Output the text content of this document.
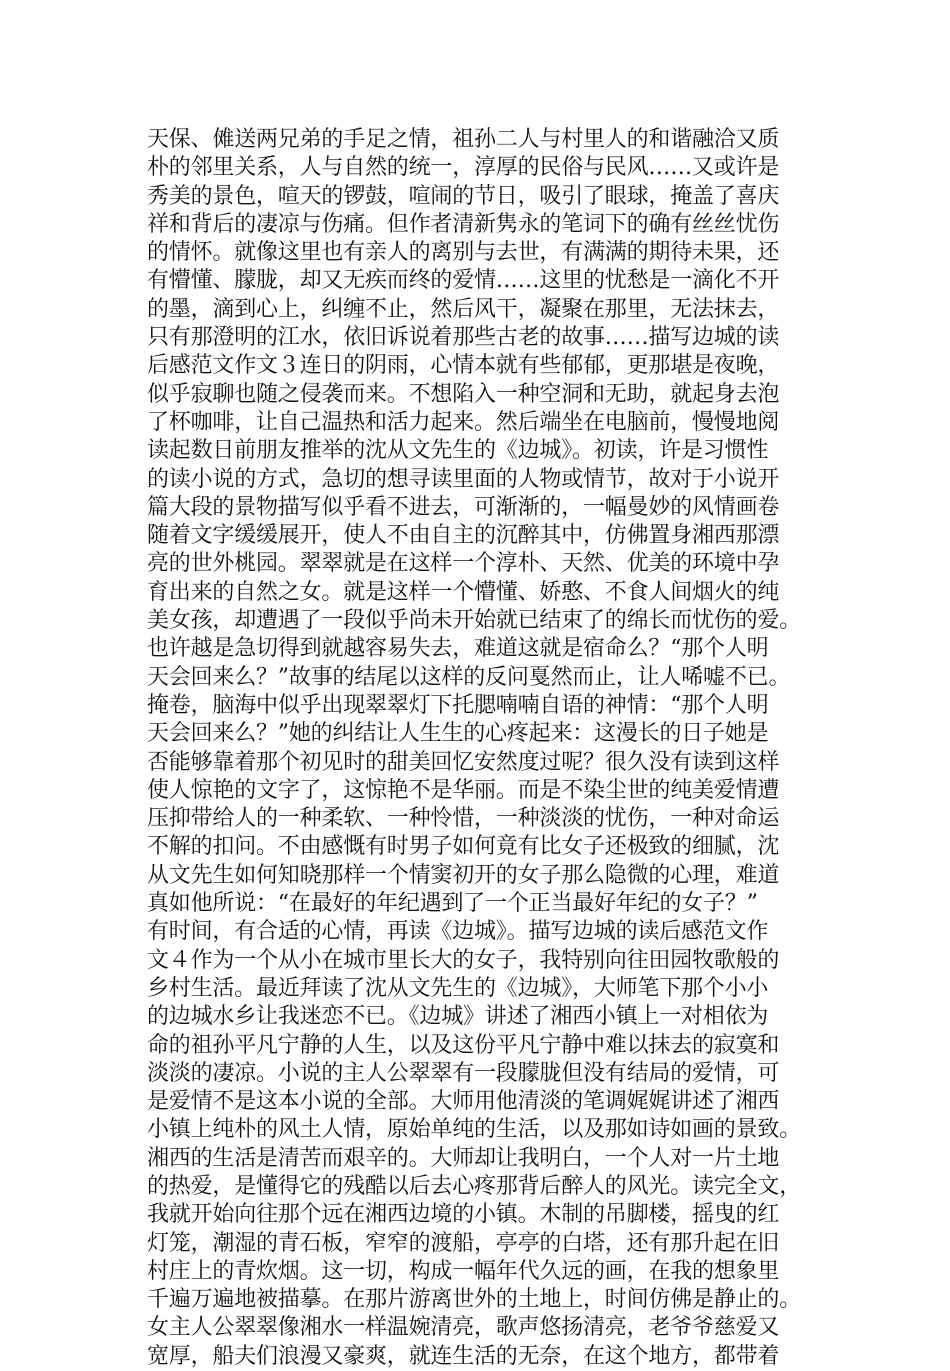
天保、傩送两兄弟的手足之情，祖孙二人与村里人的和谐融洽又质
朴的邻里关系，人与自然的统一，淳厚的民俗与民风……又或许是
秀美的景色，喧天的锣鼓，喧闹的节日，吸引了眼球，掩盖了喜庆
祥和背后的凄凉与伤痛。但作者清新隽永的笔词下的确有丝丝忧伤
的情怀。就像这里也有亲人的离别与去世，有满满的期待未果，还
有懵懂、朦胧，却又无疾而终的爱情……这里的忧愁是一滴化不开
的墨，滴到心上，纠缠不止，然后风干，凝聚在那里，无法抹去，
只有那澄明的江水，依旧诉说着那些古老的故事……描写边城的读
后感范文作文３连日的阴雨，心情本就有些郁郁，更那堪是夜晚，
似乎寂聊也随之侵袭而来。不想陷入一种空洞和无助，就起身去泡
了杯咖啡，让自己温热和活力起来。然后端坐在电脑前，慢慢地阅
读起数日前朋友推举的沈从文先生的《边城》。初读，许是习惯性
的读小说的方式，急切的想寻读里面的人物或情节，故对于小说开
篇大段的景物描写似乎看不进去，可渐渐的，一幅曼妙的风情画卷
随着文字缓缓展开，使人不由自主的沉醉其中，仿佛置身湘西那漂
亮的世外桃园。翠翠就是在这样一个淳朴、天然、优美的环境中孕
育出来的自然之女。就是这样一个懵懂、娇憨、不食人间烟火的纯
美女孩，却遭遇了一段似乎尚未开始就已结束了的绵长而忧伤的爱。
也许越是急切得到就越容易失去，难道这就是宿命么？“那个人明
天会回来么？”故事的结尾以这样的反问戛然而止，让人唏嘘不已。
掩卷，脑海中似乎出现翠翠灯下托腮喃喃自语的神情：“那个人明
天会回来么？”她的纠结让人生生的心疼起来：这漫长的日子她是
否能够靠着那个初见时的甜美回忆安然度过呢？很久没有读到这样
使人惊艳的文字了，这惊艳不是华丽。而是不染尘世的纯美爱情遭
压抑带给人的一种柔软、一种怜惜，一种淡淡的忧伤，一种对命运
不解的扣问。不由感慨有时男子如何竟有比女子还极致的细腻，沈
从文先生如何知晓那样一个情窦初开的女子那么隐微的心理，难道
真如他所说：“在最好的年纪遇到了一个正当最好年纪的女子？”
有时间，有合适的心情，再读《边城》。描写边城的读后感范文作
文４作为一个从小在城市里长大的女子，我特别向往田园牧歌般的
乡村生活。最近拜读了沈从文先生的《边城》，大师笔下那个小小
的边城水乡让我迷恋不已。《边城》讲述了湘西小镇上一对相依为
命的祖孙平凡宁静的人生，以及这份平凡宁静中难以抹去的寂寞和
淡淡的凄凉。小说的主人公翠翠有一段朦胧但没有结局的爱情，可
是爱情不是这本小说的全部。大师用他清淡的笔调娓娓讲述了湘西
小镇上纯朴的风土人情，原始单纯的生活，以及那如诗如画的景致。
湘西的生活是清苦而艰辛的。大师却让我明白，一个人对一片土地
的热爱，是懂得它的残酷以后去心疼那背后醉人的风光。读完全文，
我就开始向往那个远在湘西边境的小镇。木制的吊脚楼，摇曳的红
灯笼，潮湿的青石板，窄窄的渡船，亭亭的白塔，还有那升起在旧
村庄上的青炊烟。这一切，构成一幅年代久远的画，在我的想象里
千遍万遍地被描摹。在那片游离世外的土地上，时间仿佛是静止的。
女主人公翠翠像湘水一样温婉清亮，歌声悠扬清亮，老爷爷慈爱又
宽厚，船夫们浪漫又豪爽，就连生活的无奈，在这个地方，都带着
